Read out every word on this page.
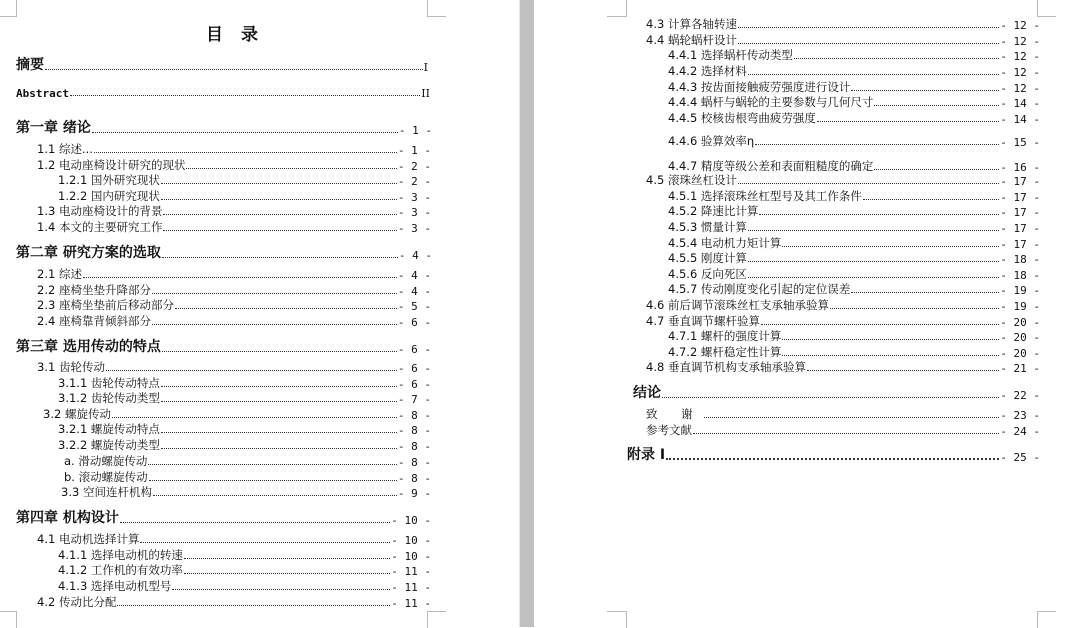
目 录
摘要	I
Abstract	II
第一章 绪论	- 1 -
1.1 综述...	- 1 -
1.2 电动座椅设计研究的现状	- 2 -
1.2.1 国外研究现状	- 2 -
1.2.2 国内研究现状	- 3 -
1.3 电动座椅设计的背景	- 3 -
1.4 本文的主要研究工作	- 3 -
第二章 研究方案的选取	- 4 -
2.1 综述	- 4 -
2.2 座椅坐垫升降部分	- 4 -
2.3 座椅坐垫前后移动部分	- 5 -
2.4 座椅靠背倾斜部分	- 6 -
第三章 选用传动的特点	- 6 -
3.1 齿轮传动	- 6 -
3.1.1 齿轮传动特点	- 6 -
3.1.2 齿轮传动类型	- 7 -
3.2 螺旋传动	- 8 -
3.2.1 螺旋传动特点	- 8 -
3.2.2 螺旋传动类型	- 8 -
a. 滑动螺旋传动	- 8 -
b. 滚动螺旋传动	- 8 -
3.3 空间连杆机构	- 9 -
第四章 机构设计	- 10 -
4.1 电动机选择计算	- 10 -
4.1.1 选择电动机的转速	- 10 -
4.1.2 工作机的有效功率	- 11 -
4.1.3 选择电动机型号	- 11 -
4.2 传动比分配	- 11 -
4.3 计算各轴转速	- 12 -
4.4 蜗轮蜗杆设计	- 12 -
4.4.1 选择蜗杆传动类型	- 12 -
4.4.2 选择材料	- 12 -
4.4.3 按齿面接触疲劳强度进行设计	- 12 -
4.4.4 蜗杆与蜗轮的主要参数与几何尺寸	- 14 -
4.4.5 校核齿根弯曲疲劳强度	- 14 -
4.4.6 验算效率η	- 15 -
4.4.7 精度等级公差和表面粗糙度的确定	- 16 -
4.5 滚珠丝杠设计	- 17 -
4.5.1 选择滚珠丝杠型号及其工作条件	- 17 -
4.5.2 降速比计算	- 17 -
4.5.3 惯量计算	- 17 -
4.5.4 电动机力矩计算	- 17 -
4.5.5 刚度计算	- 18 -
4.5.6 反向死区	- 18 -
4.5.7 传动刚度变化引起的定位误差	- 19 -
4.6 前后调节滚珠丝杠支承轴承验算	- 19 -
4.7 垂直调节螺杆验算	- 20 -
4.7.1 螺杆的强度计算	- 20 -
4.7.2 螺杆稳定性计算	- 20 -
4.8 垂直调节机构支承轴承验算	- 21 -
结论	- 22 -
致 谢	- 23 -
参考文献	- 24 -
附录 I	- 25 -
